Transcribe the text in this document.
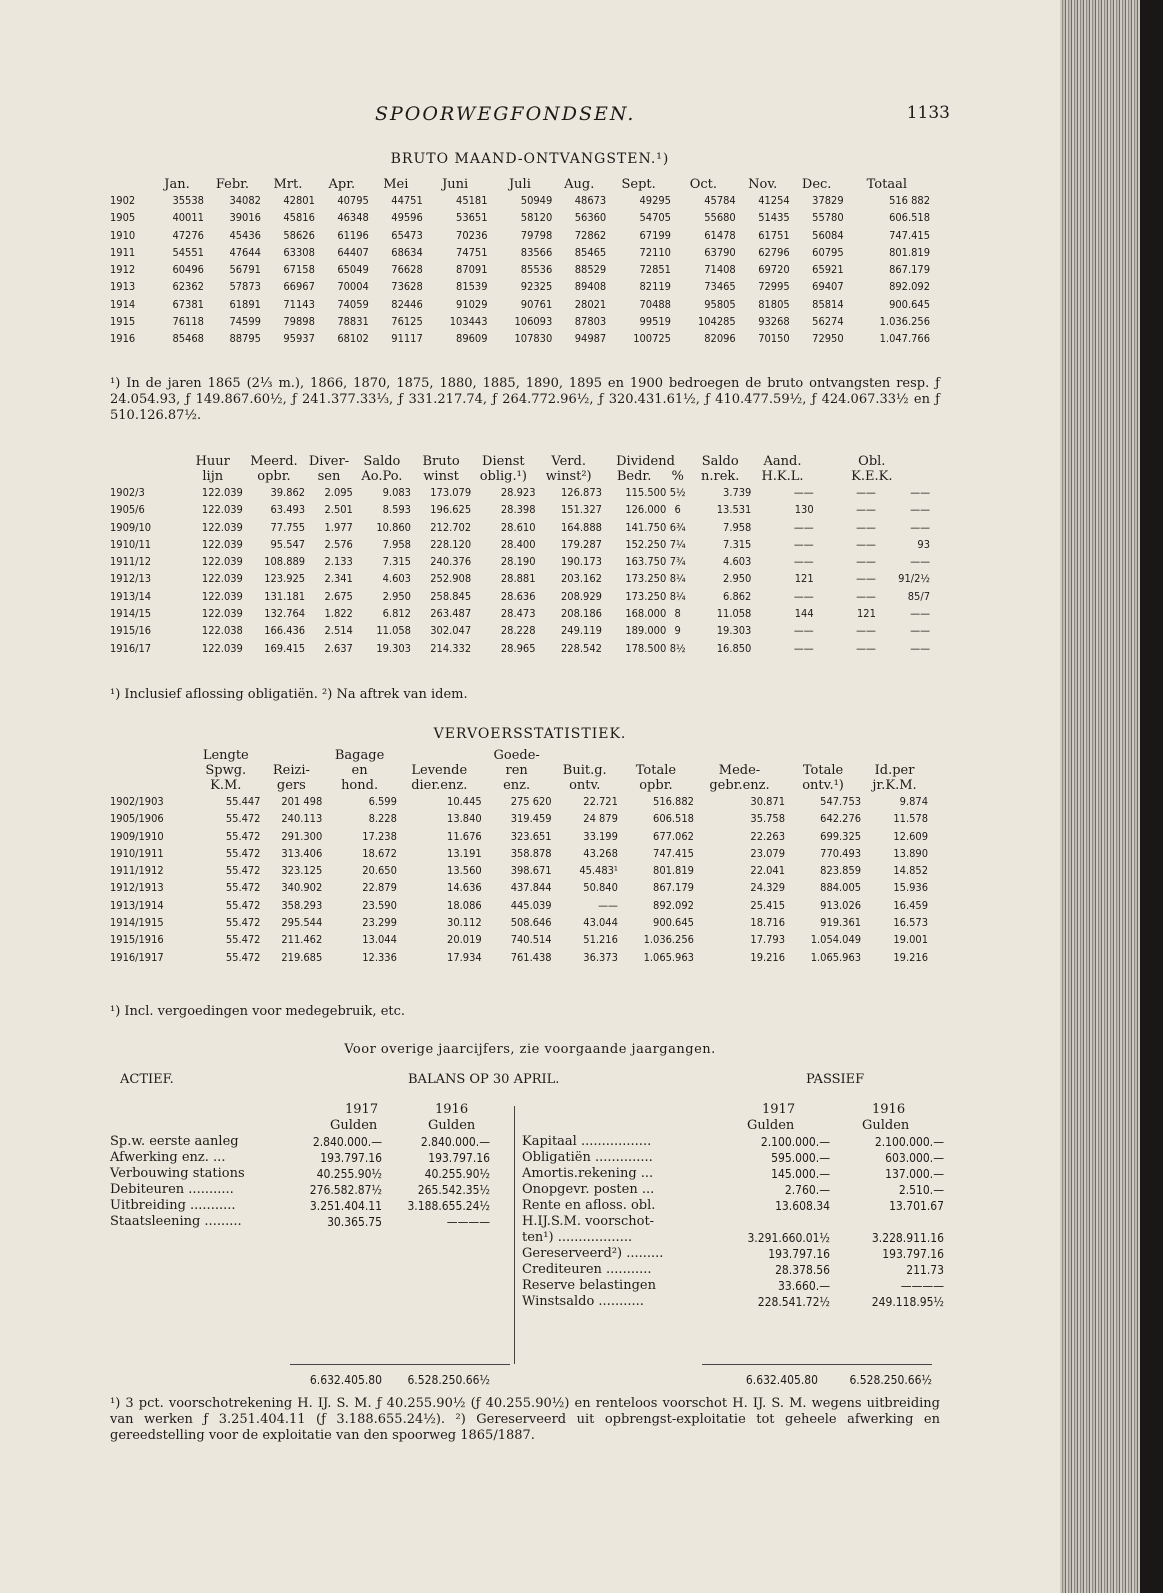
SPOORWEGFONDSEN.	1133
BRUTO MAAND-ONTVANGSTEN.¹)
	Jan.	Febr.	Mrt.	Apr.	Mei	Juni	Juli	Aug.	Sept.	Oct.	Nov.	Dec.	Totaal
1902	35538	34082	42801	40795	44751	45181	50949	48673	49295	45784	41254	37829	516 882
1905	40011	39016	45816	46348	49596	53651	58120	56360	54705	55680	51435	55780	606.518
1910	47276	45436	58626	61196	65473	70236	79798	72862	67199	61478	61751	56084	747.415
1911	54551	47644	63308	64407	68634	74751	83566	85465	72110	63790	62796	60795	801.819
1912	60496	56791	67158	65049	76628	87091	85536	88529	72851	71408	69720	65921	867.179
1913	62362	57873	66967	70004	73628	81539	92325	89408	82119	73465	72995	69407	892.092
1914	67381	61891	71143	74059	82446	91029	90761	28021	70488	95805	81805	85814	900.645
1915	76118	74599	79898	78831	76125	103443	106093	87803	99519	104285	93268	56274	1.036.256
1916	85468	88795	95937	68102	91117	89609	107830	94987	100725	82096	70150	72950	1.047.766
¹) In de jaren 1865 (2⅓ m.), 1866, 1870, 1875, 1880, 1885, 1890, 1895 en 1900 bedroegen de bruto ontvangsten resp. ƒ 24.054.93, ƒ 149.867.60½, ƒ 241.377.33⅓, ƒ 331.217.74, ƒ 264.772.96½, ƒ 320.431.61½, ƒ 410.477.59½, ƒ 424.067.33½ en ƒ 510.126.87½.
	Huur	Meerd.	Diver-	Saldo	Bruto	Dienst	Verd.	Dividend		Saldo	Aand.	Obl.	
	lijn	opbr.	sen	Ao.Po.	winst	oblig.¹)	winst²)	Bedr.	%	n.rek.	H.K.L.	K.E.K.	
1902/3	122.039	39.862	2.095	9.083	173.079	28.923	126.873	115.500	5½	3.739	——	——	——
1905/6	122.039	63.493	2.501	8.593	196.625	28.398	151.327	126.000	6	13.531	130	——	——
1909/10	122.039	77.755	1.977	10.860	212.702	28.610	164.888	141.750	6¾	7.958	——	——	——
1910/11	122.039	95.547	2.576	7.958	228.120	28.400	179.287	152.250	7¼	7.315	——	——	93
1911/12	122.039	108.889	2.133	7.315	240.376	28.190	190.173	163.750	7¾	4.603	——	——	——
1912/13	122.039	123.925	2.341	4.603	252.908	28.881	203.162	173.250	8¼	2.950	121	——	91/2½
1913/14	122.039	131.181	2.675	2.950	258.845	28.636	208.929	173.250	8¼	6.862	——	——	85/7
1914/15	122.039	132.764	1.822	6.812	263.487	28.473	208.186	168.000	8	11.058	144	121	——
1915/16	122.038	166.436	2.514	11.058	302.047	28.228	249.119	189.000	9	19.303	——	——	——
1916/17	122.039	169.415	2.637	19.303	214.332	28.965	228.542	178.500	8½	16.850	——	——	——
¹) Inclusief aflossing obligatiën. ²) Na aftrek van idem.
VERVOERSSTATISTIEK.
	Lengte		Bagage		Goede-					
	Spwg.	Reizi-	en	Levende	ren	Buit.g.	Totale	Mede-	Totale	Id.per
	K.M.	gers	hond.	dier.enz.	enz.	ontv.	opbr.	gebr.enz.	ontv.¹)	jr.K.M.
1902/1903	55.447	201 498	6.599	10.445	275 620	22.721	516.882	30.871	547.753	9.874
1905/1906	55.472	240.113	8.228	13.840	319.459	24 879	606.518	35.758	642.276	11.578
1909/1910	55.472	291.300	17.238	11.676	323.651	33.199	677.062	22.263	699.325	12.609
1910/1911	55.472	313.406	18.672	13.191	358.878	43.268	747.415	23.079	770.493	13.890
1911/1912	55.472	323.125	20.650	13.560	398.671	45.483¹	801.819	22.041	823.859	14.852
1912/1913	55.472	340.902	22.879	14.636	437.844	50.840	867.179	24.329	884.005	15.936
1913/1914	55.472	358.293	23.590	18.086	445.039	——	892.092	25.415	913.026	16.459
1914/1915	55.472	295.544	23.299	30.112	508.646	43.044	900.645	18.716	919.361	16.573
1915/1916	55.472	211.462	13.044	20.019	740.514	51.216	1.036.256	17.793	1.054.049	19.001
1916/1917	55.472	219.685	12.336	17.934	761.438	36.373	1.065.963	19.216	1.065.963	19.216
¹) Incl. vergoedingen voor medegebruik, etc.
Voor overige jaarcijfers, zie voorgaande jaargangen.
ACTIEF.	BALANS OP 30 APRIL.	PASSIEF
1917	1916
Gulden	Gulden
Sp.w. eerste aanleg	2.840.000.—	2.840.000.—
Afwerking enz. ...	193.797.16	193.797.16
Verbouwing stations	40.255.90½	40.255.90½
Debiteuren ...........	276.582.87½	265.542.35½
Uitbreiding ...........	3.251.404.11 3.188.655.24½
Staatsleening .........	30.365.75	————
1917	1916
Gulden	Gulden
Kapitaal .................	2.100.000.—	2.100.000.—
Obligatiën ..............	595.000.—	603.000.—
Amortis.rekening ...	145.000.—	137.000.—
Onopgevr. posten ...	2.760.—	2.510.—
Rente en afloss. obl.	13.608.34	13.701.67
H.IJ.S.M. voorschot-
ten¹) ..................	3.291.660.01½	3.228.911.16
Gereserveerd²) .........	193.797.16	193.797.16
Crediteuren ...........	28.378.56	211.73
Reserve belastingen	33.660.—	————
Winstsaldo ...........	228.541.72½	249.118.95½
6.632.405.80 6.528.250.66½	6.632.405.80	6.528.250.66½
¹) 3 pct. voorschotrekening H. IJ. S. M. ƒ 40.255.90½ (ƒ 40.255.90½) en renteloos voorschot H. IJ. S. M. wegens uitbreiding van werken ƒ 3.251.404.11 (ƒ 3.188.655.24½). ²) Gereserveerd uit opbrengst-exploitatie tot geheele afwerking en gereedstelling voor de exploitatie van den spoorweg 1865/1887.
